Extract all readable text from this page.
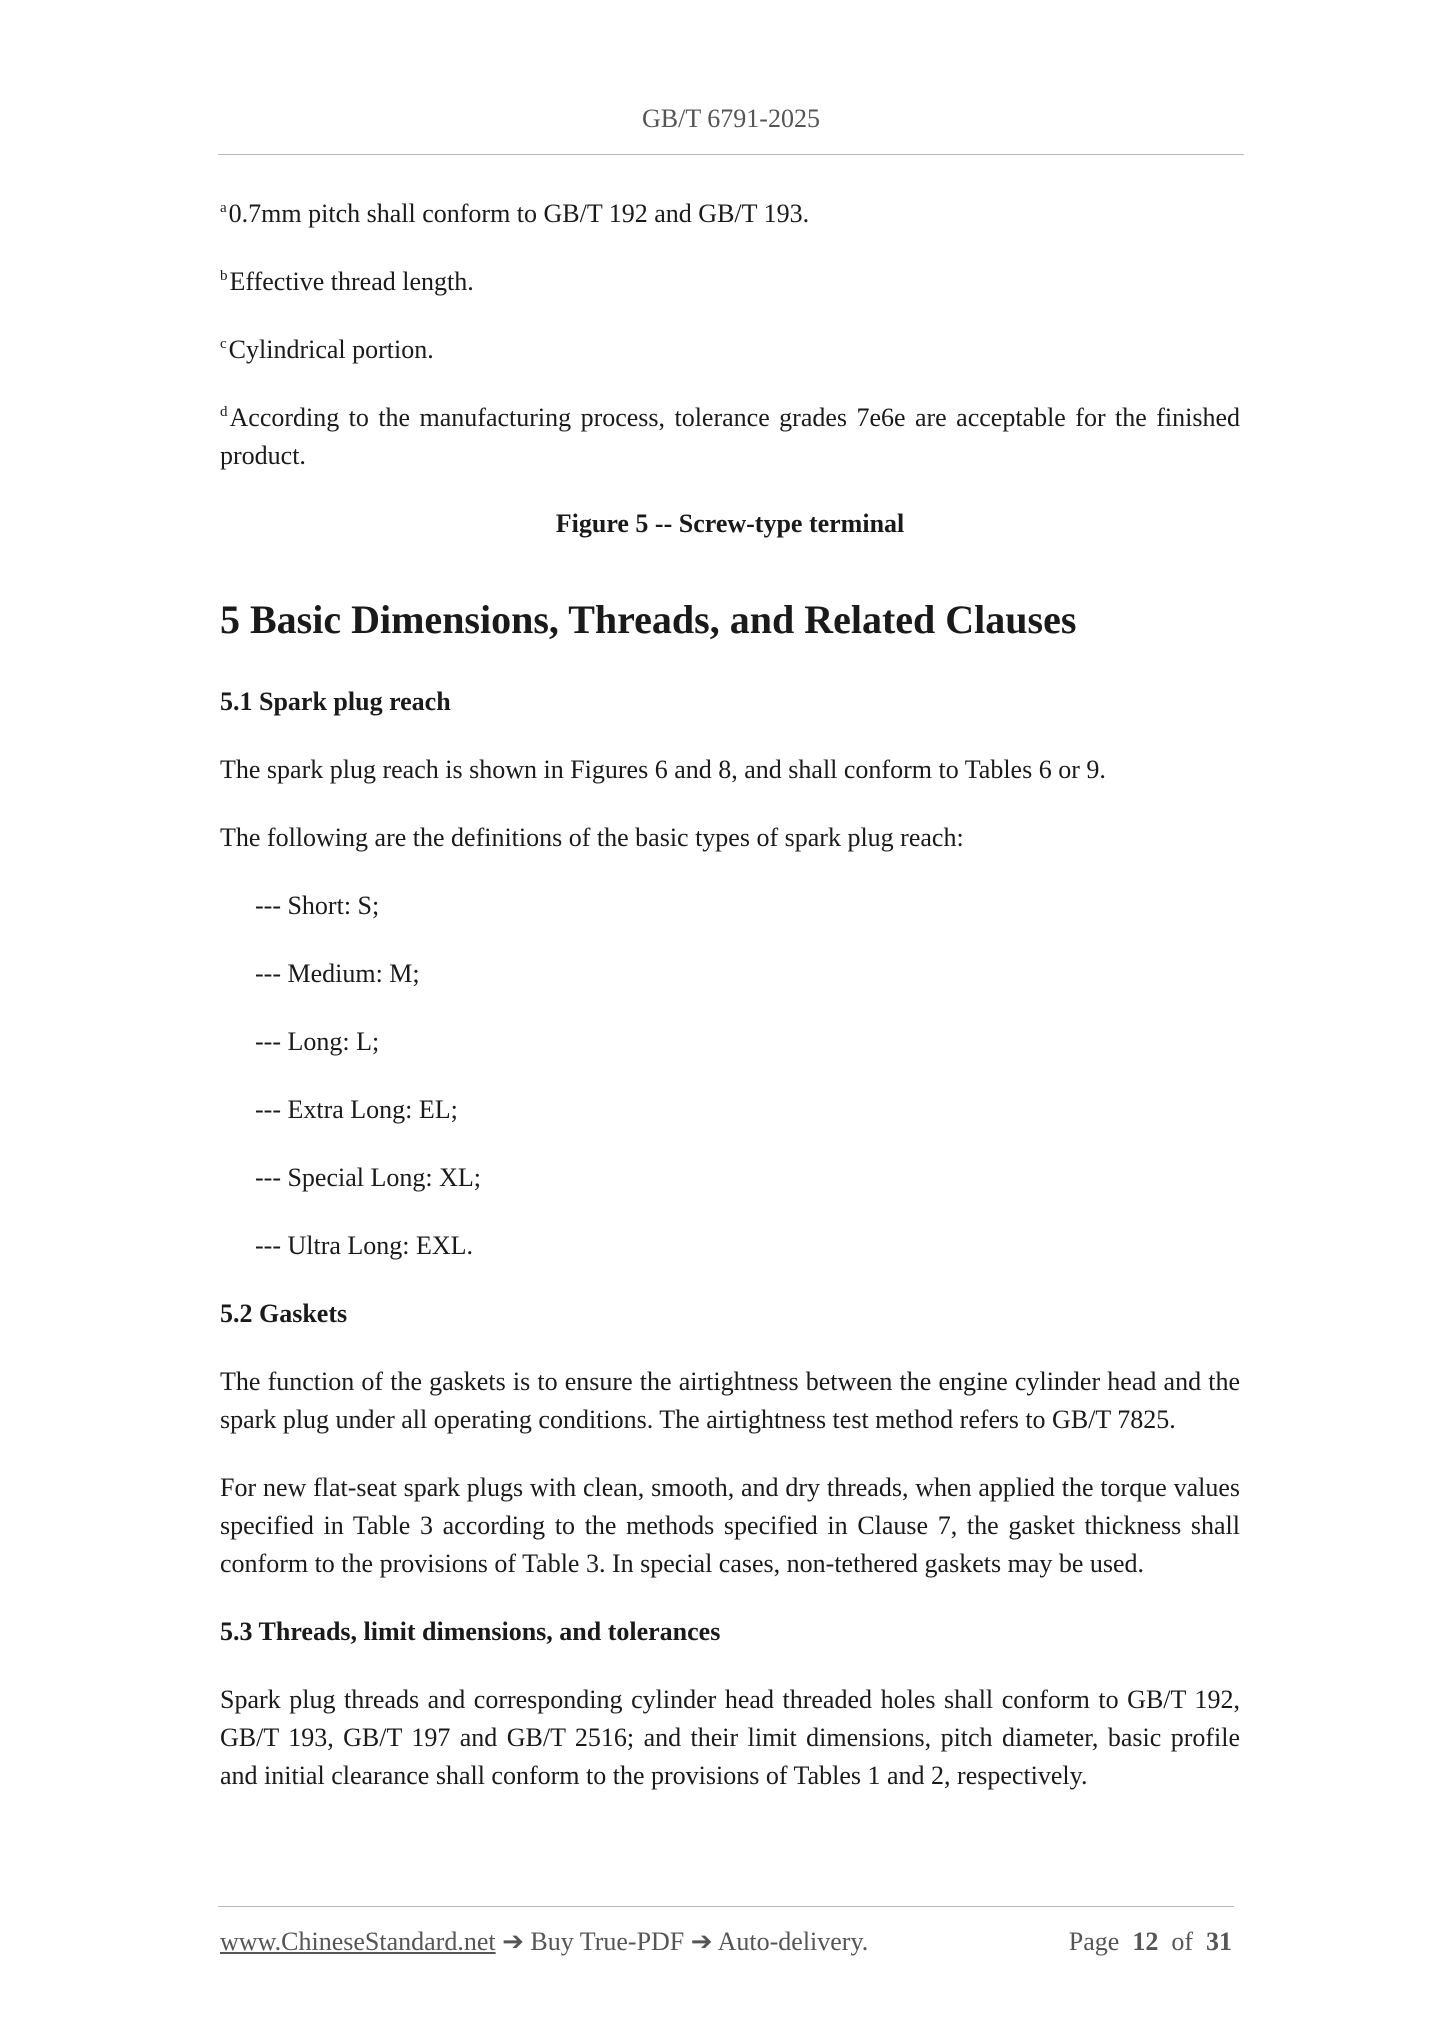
GB/T 6791-2025

$^a$0.7mm pitch shall conform to GB/T 192 and GB/T 193.

$^b$Effective thread length.

$^c$Cylindrical portion.

$^d$According to the manufacturing process, tolerance grades 7e6e are acceptable for the finished product.

Figure 5 -- Screw-type terminal
5 Basic Dimensions, Threads, and Related Clauses
5.1 Spark plug reach

The spark plug reach is shown in Figures 6 and 8, and shall conform to Tables 6 or 9.

The following are the definitions of the basic types of spark plug reach:

--- Short: S;

--- Medium: M;

--- Long: L;

--- Extra Long: EL;

--- Special Long: XL;

--- Ultra Long: EXL.

5.2 Gaskets

The function of the gaskets is to ensure the airtightness between the engine cylinder head and the spark plug under all operating conditions. The airtightness test method refers to GB/T 7825.

For new flat-seat spark plugs with clean, smooth, and dry threads, when applied the torque values specified in Table 3 according to the methods specified in Clause 7, the gasket thickness shall conform to the provisions of Table 3. In special cases, non-tethered gaskets may be used.

5.3 Threads, limit dimensions, and tolerances

Spark plug threads and corresponding cylinder head threaded holes shall conform to GB/T 192, GB/T 193, GB/T 197 and GB/T 2516; and their limit dimensions, pitch diameter, basic profile and initial clearance shall conform to the provisions of Tables 1 and 2, respectively.

www.ChineseStandard.net ➔ Buy True-PDF ➔ Auto-delivery.	Page 12 of 31
